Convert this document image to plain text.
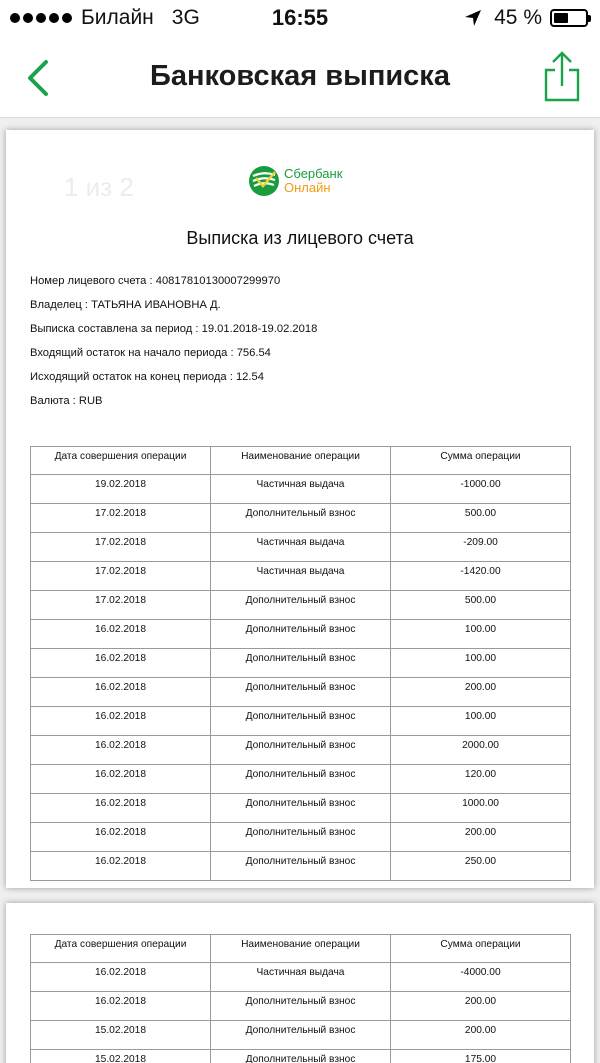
Билайн 3G	16:55	45 %
Банковская выписка
1 из 2	Сбербанк
Онлайн
Выписка из лицевого счета
Номер лицевого счета : 40817810130007299970
Владелец : ТАТЬЯНА ИВАНОВНА Д.
Выписка составлена за период : 19.01.2018-19.02.2018
Входящий остаток на начало периода : 756.54
Исходящий остаток на конец периода : 12.54
Валюта : RUB
Дата совершения операции	Наименование операции	Сумма операции
19.02.2018	Частичная выдача	-1000.00
17.02.2018	Дополнительный взнос	500.00
17.02.2018	Частичная выдача	-209.00
17.02.2018	Частичная выдача	-1420.00
17.02.2018	Дополнительный взнос	500.00
16.02.2018	Дополнительный взнос	100.00
16.02.2018	Дополнительный взнос	100.00
16.02.2018	Дополнительный взнос	200.00
16.02.2018	Дополнительный взнос	100.00
16.02.2018	Дополнительный взнос	2000.00
16.02.2018	Дополнительный взнос	120.00
16.02.2018	Дополнительный взнос	1000.00
16.02.2018	Дополнительный взнос	200.00
16.02.2018	Дополнительный взнос	250.00
Дата совершения операции	Наименование операции	Сумма операции
16.02.2018	Частичная выдача	-4000.00
16.02.2018	Дополнительный взнос	200.00
15.02.2018	Дополнительный взнос	200.00
15.02.2018	Дополнительный взнос	175.00
